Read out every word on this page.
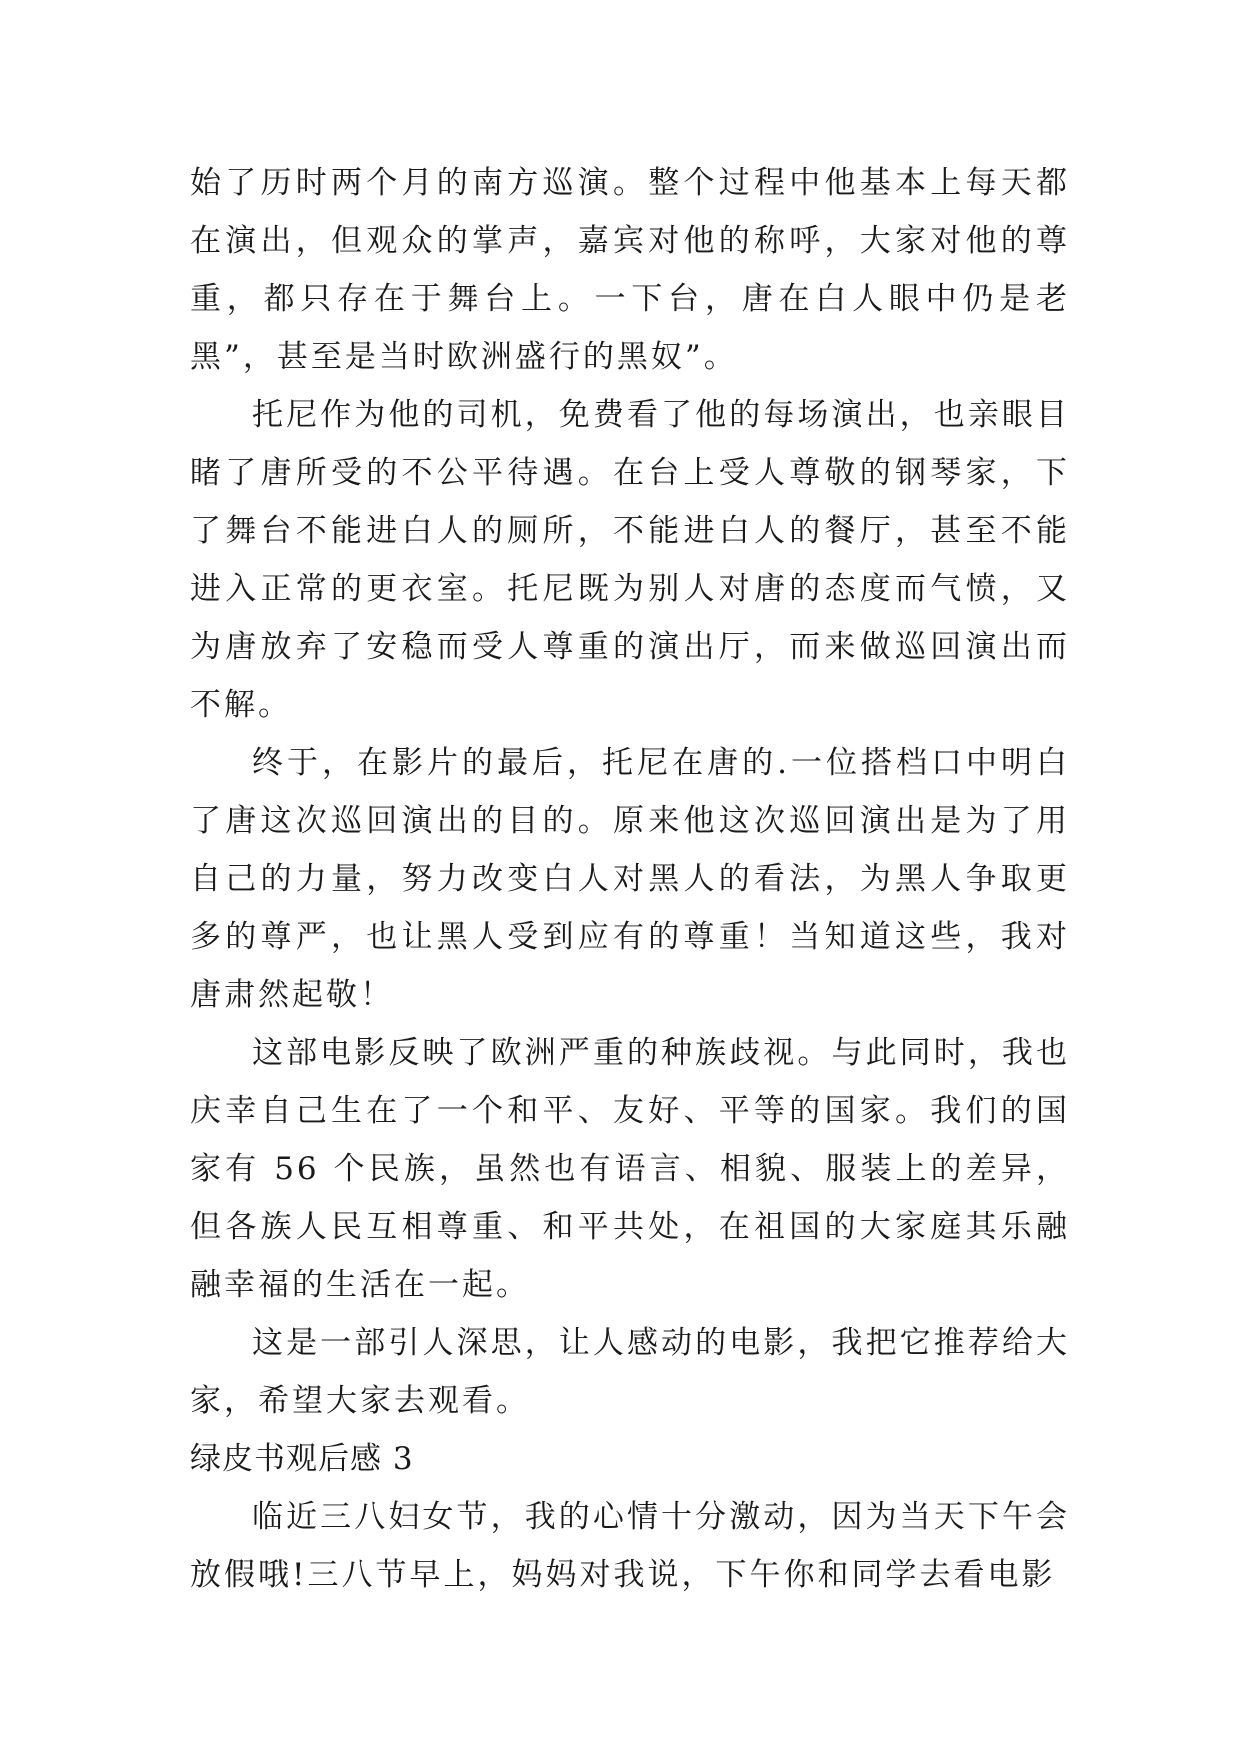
始了历时两个月的南方巡演。整个过程中他基本上每天都在演出，但观众的掌声，嘉宾对他的称呼，大家对他的尊重，都只存在于舞台上。一下台，唐在白人眼中仍是老黑”，甚至是当时欧洲盛行的黑奴”。

托尼作为他的司机，免费看了他的每场演出，也亲眼目睹了唐所受的不公平待遇。在台上受人尊敬的钢琴家，下了舞台不能进白人的厕所，不能进白人的餐厅，甚至不能进入正常的更衣室。托尼既为别人对唐的态度而气愤，又为唐放弃了安稳而受人尊重的演出厅，而来做巡回演出而不解。

终于，在影片的最后，托尼在唐的.一位搭档口中明白了唐这次巡回演出的目的。原来他这次巡回演出是为了用自己的力量，努力改变白人对黑人的看法，为黑人争取更多的尊严，也让黑人受到应有的尊重！当知道这些，我对唐肃然起敬！

这部电影反映了欧洲严重的种族歧视。与此同时，我也庆幸自己生在了一个和平、友好、平等的国家。我们的国家有 56 个民族，虽然也有语言、相貌、服装上的差异，但各族人民互相尊重、和平共处，在祖国的大家庭其乐融融幸福的生活在一起。

这是一部引人深思，让人感动的电影，我把它推荐给大家，希望大家去观看。

绿皮书观后感 3

临近三八妇女节，我的心情十分激动，因为当天下午会放假哦!三八节早上，妈妈对我说，下午你和同学去看电影
